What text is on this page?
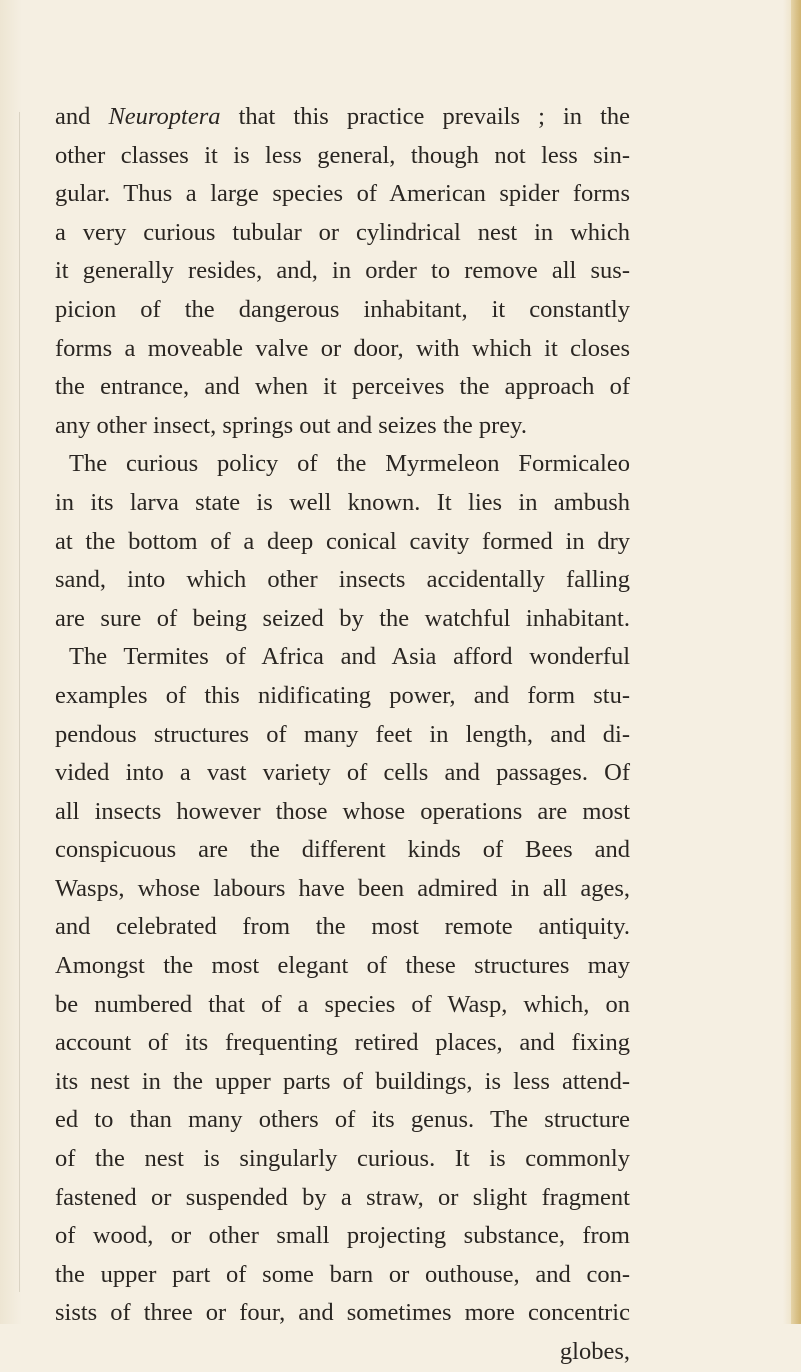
and Neuroptera that this practice prevails ; in the
other classes it is less general, though not less sin-
gular. Thus a large species of American spider forms
a very curious tubular or cylindrical nest in which
it generally resides, and, in order to remove all sus-
picion of the dangerous inhabitant, it constantly
forms a moveable valve or door, with which it closes
the entrance, and when it perceives the approach of
any other insect, springs out and seizes the prey.
The curious policy of the Myrmeleon Formicaleo
in its larva state is well known. It lies in ambush
at the bottom of a deep conical cavity formed in dry
sand, into which other insects accidentally falling
are sure of being seized by the watchful inhabitant.
The Termites of Africa and Asia afford wonderful
examples of this nidificating power, and form stu-
pendous structures of many feet in length, and di-
vided into a vast variety of cells and passages. Of
all insects however those whose operations are most
conspicuous are the different kinds of Bees and
Wasps, whose labours have been admired in all ages,
and celebrated from the most remote antiquity.
Amongst the most elegant of these structures may
be numbered that of a species of Wasp, which, on
account of its frequenting retired places, and fixing
its nest in the upper parts of buildings, is less attend-
ed to than many others of its genus. The structure
of the nest is singularly curious. It is commonly
fastened or suspended by a straw, or slight fragment
of wood, or other small projecting substance, from
the upper part of some barn or outhouse, and con-
sists of three or four, and sometimes more concentric
globes,
